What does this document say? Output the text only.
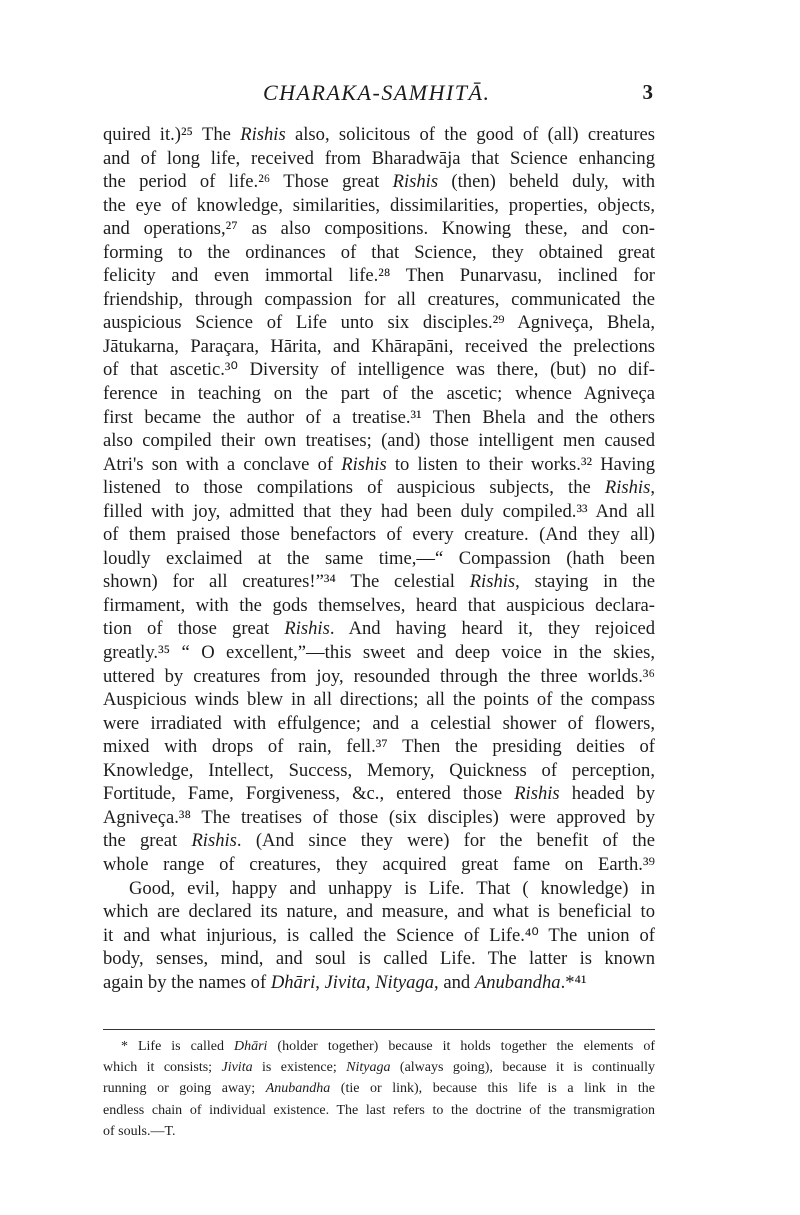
CHARAKA-SAMHITĀ.	3
quired it.)²⁵ The Rishis also, solicitous of the good of (all) creatures
and of long life, received from Bharadwāja that Science enhancing
the period of life.²⁶ Those great Rishis (then) beheld duly, with
the eye of knowledge, similarities, dissimilarities, properties, objects,
and operations,²⁷ as also compositions. Knowing these, and con-
forming to the ordinances of that Science, they obtained great
felicity and even immortal life.²⁸ Then Punarvasu, inclined for
friendship, through compassion for all creatures, communicated the
auspicious Science of Life unto six disciples.²⁹ Agniveça, Bhela,
Jātukarna, Paraçara, Hārita, and Khārapāni, received the prelections
of that ascetic.³⁰ Diversity of intelligence was there, (but) no dif-
ference in teaching on the part of the ascetic; whence Agniveça
first became the author of a treatise.³¹ Then Bhela and the others
also compiled their own treatises; (and) those intelligent men caused
Atri's son with a conclave of Rishis to listen to their works.³² Having
listened to those compilations of auspicious subjects, the Rishis,
filled with joy, admitted that they had been duly compiled.³³ And all
of them praised those benefactors of every creature. (And they all)
loudly exclaimed at the same time,—“ Compassion (hath been
shown) for all creatures!”³⁴ The celestial Rishis, staying in the
firmament, with the gods themselves, heard that auspicious declara-
tion of those great Rishis. And having heard it, they rejoiced
greatly.³⁵ “ O excellent,”—this sweet and deep voice in the skies,
uttered by creatures from joy, resounded through the three worlds.³⁶
Auspicious winds blew in all directions; all the points of the compass
were irradiated with effulgence; and a celestial shower of flowers,
mixed with drops of rain, fell.³⁷ Then the presiding deities of
Knowledge, Intellect, Success, Memory, Quickness of perception,
Fortitude, Fame, Forgiveness, &c., entered those Rishis headed by
Agniveça.³⁸ The treatises of those (six disciples) were approved by
the great Rishis. (And since they were) for the benefit of the
whole range of creatures, they acquired great fame on Earth.³⁹
Good, evil, happy and unhappy is Life. That ( knowledge) in
which are declared its nature, and measure, and what is beneficial to
it and what injurious, is called the Science of Life.⁴⁰ The union of
body, senses, mind, and soul is called Life. The latter is known
again by the names of Dhāri, Jivita, Nityaga, and Anubandha.*⁴¹
* Life is called Dhāri (holder together) because it holds together the elements of
which it consists; Jivita is existence; Nityaga (always going), because it is continually
running or going away; Anubandha (tie or link), because this life is a link in the
endless chain of individual existence. The last refers to the doctrine of the transmigration
of souls.—T.
